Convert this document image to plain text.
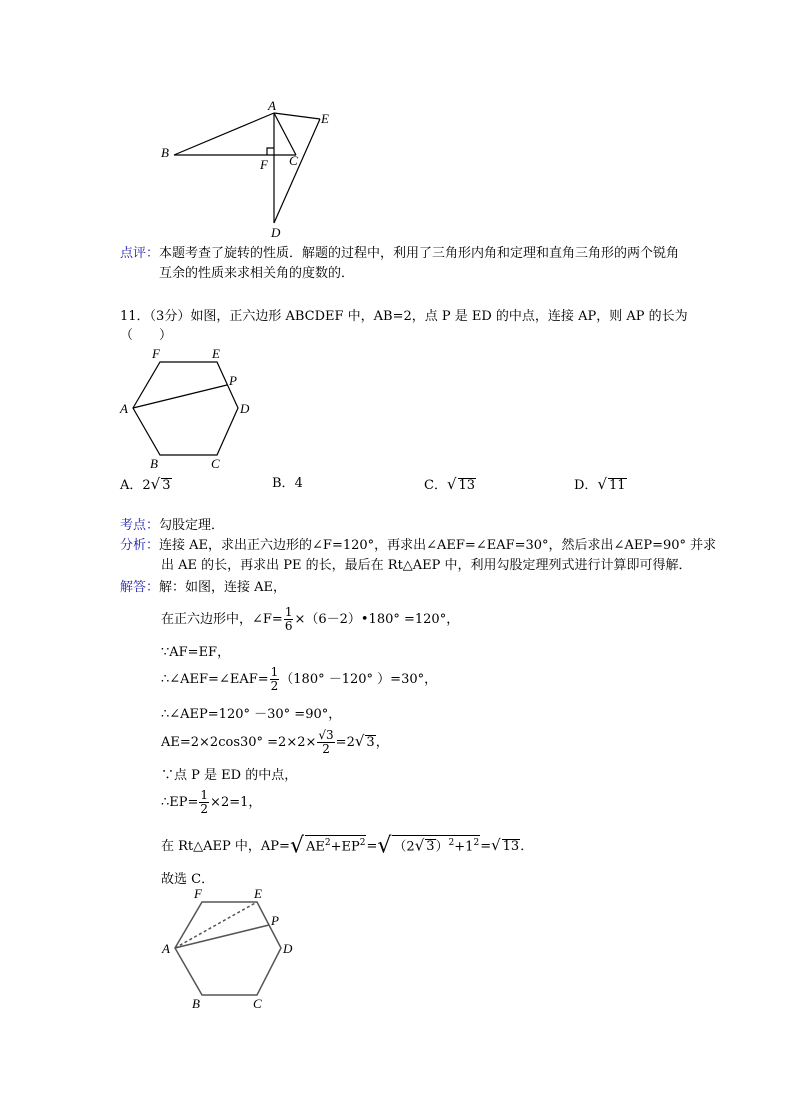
A
B
C
D
E
F
点评：本题考查了旋转的性质．解题的过程中，利用了三角形内角和定理和直角三角形的两个锐角
互余的性质来求相关角的度数的．
11．（3分）如图，正六边形 ABCDEF 中，AB=2，点 P 是 ED 的中点，连接 AP，则 AP 的长为
（　　）
F	E
P
A	D
B	C
A．2√ 3	B．4	C．√ 13	D．√ 11
考点：勾股定理．
分析：连接 AE，求出正六边形的∠F=120°，再求出∠AEF=∠EAF=30°，然后求出∠AEP=90° 并求
出 AE 的长，再求出 PE 的长，最后在 Rt△AEP 中，利用勾股定理列式进行计算即可得解．
解答：解：如图，连接 AE，
在正六边形中，∠F= $\frac{1}{6}$ ×（6－2）•180° =120°，
∵AF=EF，
∴∠AEF=∠EAF= $\frac{1}{2} (180^\circ -120^\circ$ ）=30°，
∴∠AEP=120° －30° =90°，
$AE=2\times 2\cos 30^\circ =2\times 2\times \frac{√3}{2} =2√$ 3，
∵点 P 是 ED 的中点，
∴EP= $\frac{1}{2} \times 2=1$，
在 Rt△AEP 中，AP=√ $AE^2+EP^2=√$ （2√ $3)^2+1^2=√$ 13．
故选 C．
F	E
P
A	D
B	C
